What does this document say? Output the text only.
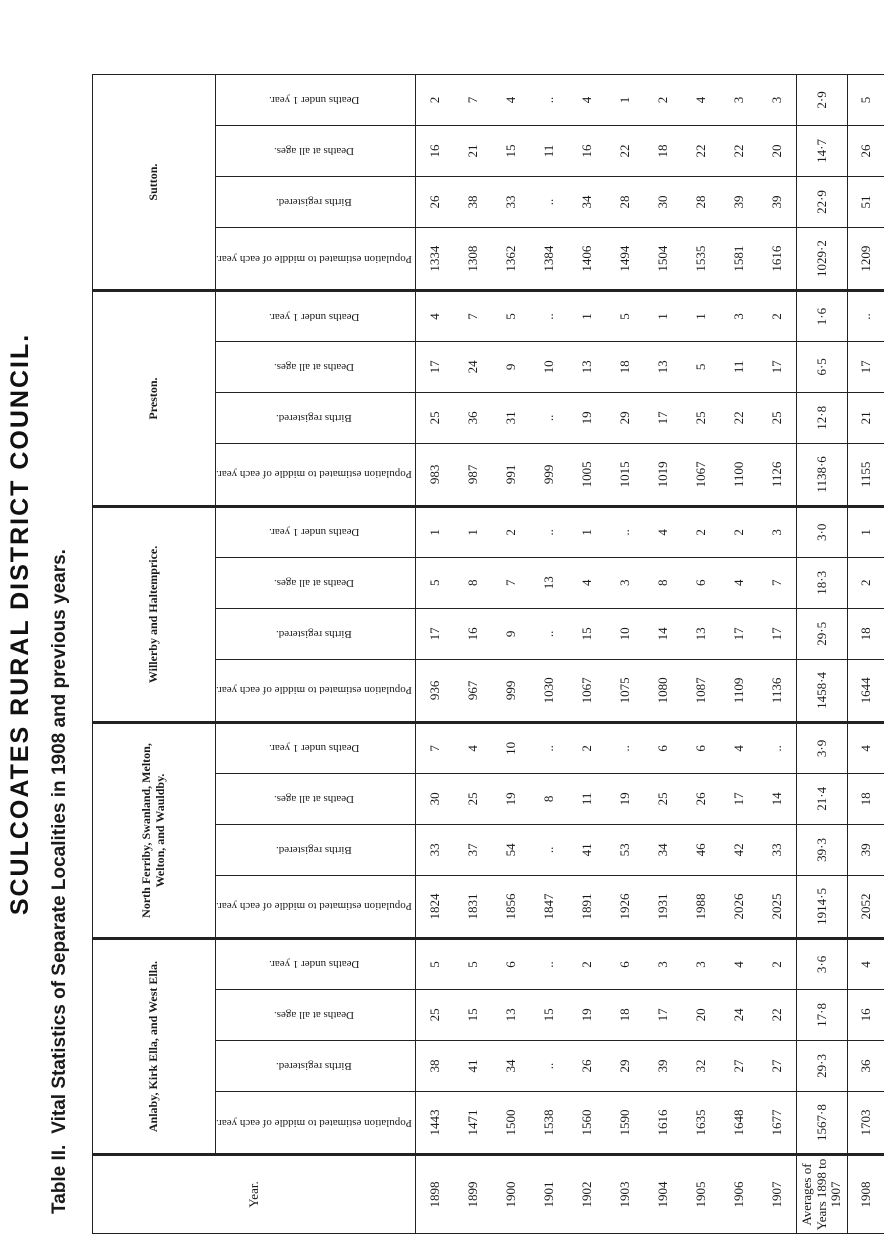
SCULCOATES RURAL DISTRICT COUNCIL.
Table II. Vital Statistics of Separate Localities in 1908 and previous years.
Year.	Anlaby, Kirk Ella, and West Ella.				North Ferriby, Swanland, Melton, Welton, and Wauldby.				Willerby and Haltemprice.				Preston.				Sutton.			
	Population estimated to middle of each year.	Births registered.	Deaths at all ages.	Deaths under 1 year.	Population estimated to middle of each year.	Births registered.	Deaths at all ages.	Deaths under 1 year.	Population estimated to middle of each year.	Births registered.	Deaths at all ages.	Deaths under 1 year.	Population estimated to middle of each year.	Births registered.	Deaths at all ages.	Deaths under 1 year.	Population estimated to middle of each year.	Births registered.	Deaths at all ages.	Deaths under 1 year.
1898	1443	38	25	5	1824	33	30	7	936	17	5	1	983	25	17	4	1334	26	16	2
1899	1471	41	15	5	1831	37	25	4	967	16	8	1	987	36	24	7	1308	38	21	7
1900	1500	34	13	6	1856	54	19	10	999	9	7	2	991	31	9	5	1362	33	15	4
1901	1538	..	15	..	1847	..	8	..	1030	..	13	..	999	..	10	..	1384	..	11	..
1902	1560	26	19	2	1891	41	11	2	1067	15	4	1	1005	19	13	1	1406	34	16	4
1903	1590	29	18	6	1926	53	19	..	1075	10	3	..	1015	29	18	5	1494	28	22	1
1904	1616	39	17	3	1931	34	25	6	1080	14	8	4	1019	17	13	1	1504	30	18	2
1905	1635	32	20	3	1988	46	26	6	1087	13	6	2	1067	25	5	1	1535	28	22	4
1906	1648	27	24	4	2026	42	17	4	1109	17	4	2	1100	22	11	3	1581	39	22	3
1907	1677	27	22	2	2025	33	14	..	1136	17	7	3	1126	25	17	2	1616	39	20	3
Averages of Years 1898 to 1907	1567·8	29·3	17·8	3·6	1914·5	39·3	21·4	3·9	1458·4	29·5	18·3	3·0	1138·6	12·8	6·5	1·6	1029·2	22·9	14·7	2·9
1908	1703	36	16	4	2052	39	18	4	1644	18	2	1	1155	21	17	..	1209	51	26	5
